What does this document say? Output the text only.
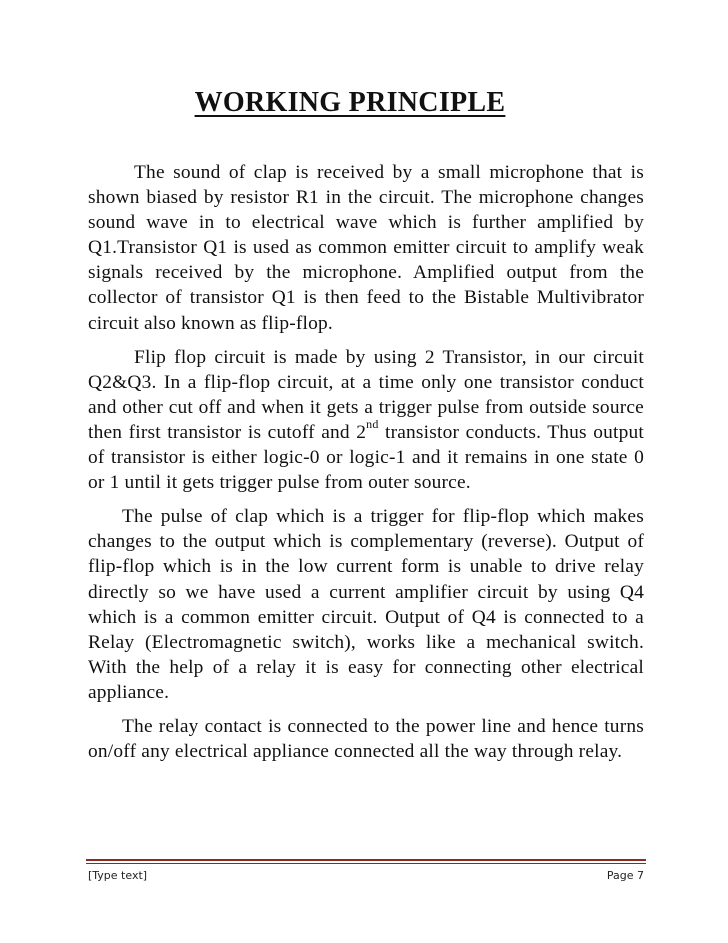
WORKING PRINCIPLE

The sound of clap is received by a small microphone that is shown biased by resistor R1 in the circuit. The microphone changes sound wave in to electrical wave which is further amplified by Q1.Transistor Q1 is used as common emitter circuit to amplify weak signals received by the microphone. Amplified output from the collector of transistor Q1 is then feed to the Bistable Multivibrator circuit also known as flip-flop.

Flip flop circuit is made by using 2 Transistor, in our circuit Q2&Q3. In a flip-flop circuit, at a time only one transistor conduct and other cut off and when it gets a trigger pulse from outside source then first transistor is cutoff and 2nd transistor conducts. Thus output of transistor is either logic-0 or logic-1 and it remains in one state 0 or 1 until it gets trigger pulse from outer source.

The pulse of clap which is a trigger for flip-flop which makes changes to the output which is complementary (reverse). Output of flip-flop which is in the low current form is unable to drive relay directly so we have used a current amplifier circuit by using Q4 which is a common emitter circuit. Output of Q4 is connected to a Relay (Electromagnetic switch), works like a mechanical switch. With the help of a relay it is easy for connecting other electrical appliance.

The relay contact is connected to the power line and hence turns on/off any electrical appliance connected all the way through relay.

[Type text]	Page 7
